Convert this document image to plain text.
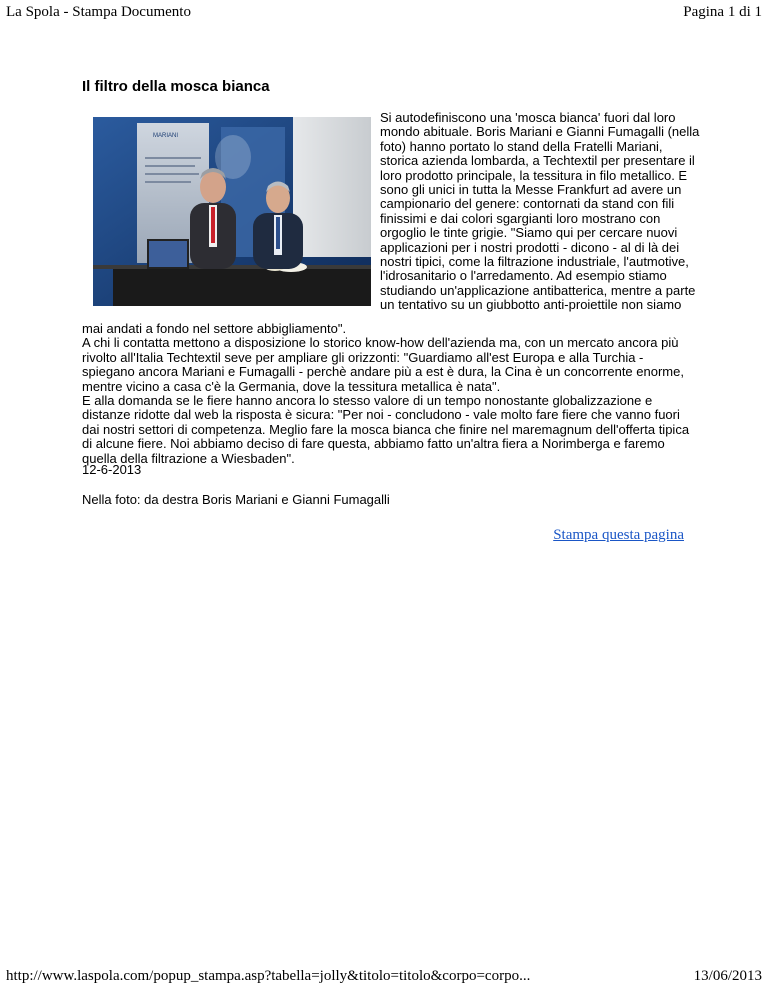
La Spola - Stampa Documento	Pagina 1 di 1
Il filtro della mosca bianca
MARIANI

Si autodefiniscono una 'mosca bianca' fuori dal loro mondo abituale. Boris Mariani e Gianni Fumagalli (nella foto) hanno portato lo stand della Fratelli Mariani, storica azienda lombarda, a Techtextil per presentare il loro prodotto principale, la tessitura in filo metallico. E sono gli unici in tutta la Messe Frankfurt ad avere un campionario del genere: contornati da stand con fili finissimi e dai colori sgargianti loro mostrano con orgoglio le tinte grigie. "Siamo qui per cercare nuovi applicazioni per i nostri prodotti - dicono - al di là dei nostri tipici, come la filtrazione industriale, l'autmotive, l'idrosanitario o l'arredamento. Ad esempio stiamo studiando un'applicazione antibatterica, mentre a parte un tentativo su un giubbotto anti-proiettile non siamo

mai andati a fondo nel settore abbigliamento".

A chi li contatta mettono a disposizione lo storico know-how dell'azienda ma, con un mercato ancora più rivolto all'Italia Techtextil seve per ampliare gli orizzonti: "Guardiamo all'est Europa e alla Turchia - spiegano ancora Mariani e Fumagalli - perchè andare più a est è dura, la Cina è un concorrente enorme, mentre vicino a casa c'è la Germania, dove la tessitura metallica è nata".

E alla domanda se le fiere hanno ancora lo stesso valore di un tempo nonostante globalizzazione e distanze ridotte dal web la risposta è sicura: "Per noi - concludono - vale molto fare fiere che vanno fuori dai nostri settori di competenza. Meglio fare la mosca bianca che finire nel maremagnum dell'offerta tipica di alcune fiere. Noi abbiamo deciso di fare questa, abbiamo fatto un'altra fiera a Norimberga e faremo quella della filtrazione a Wiesbaden".

12-6-2013
Nella foto: da destra Boris Mariani e Gianni Fumagalli
Stampa questa pagina
http://www.laspola.com/popup_stampa.asp?tabella=jolly&titolo=titolo&corpo=corpo...	13/06/2013
